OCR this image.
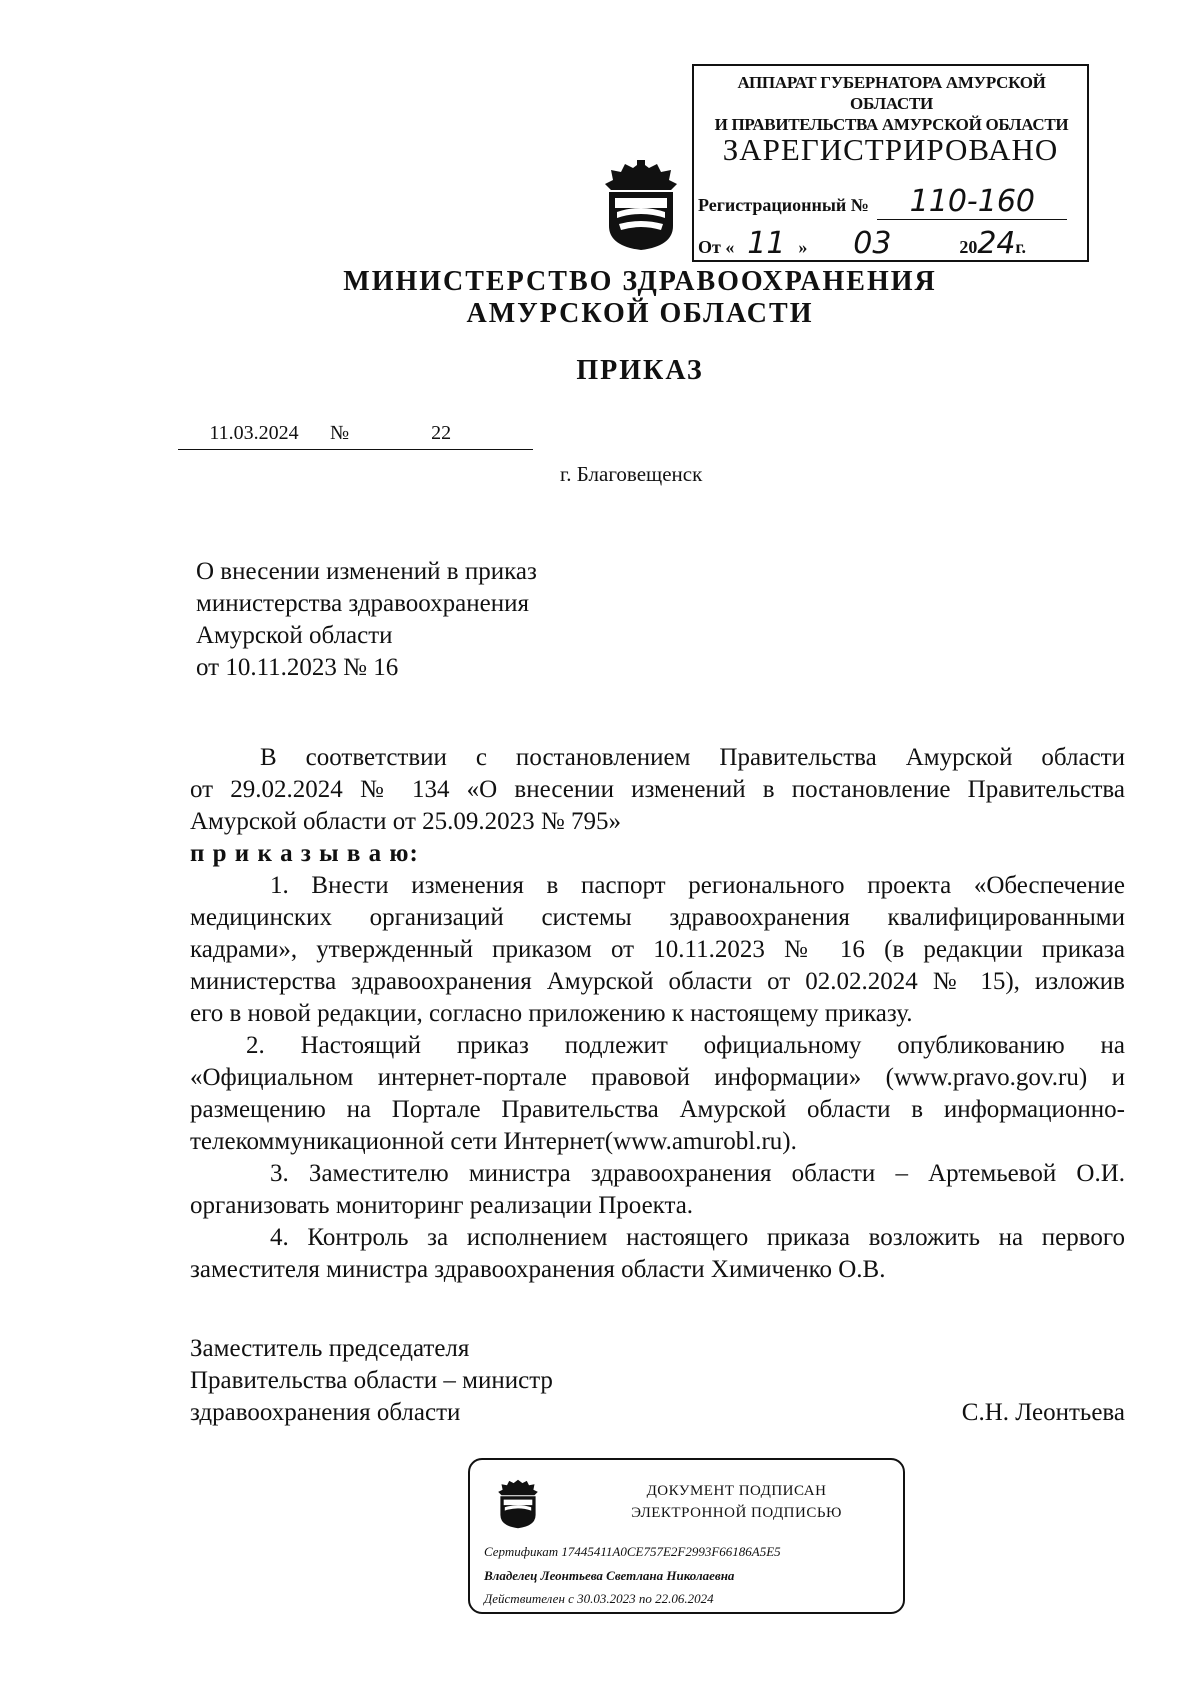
АППАРАТ ГУБЕРНАТОРА АМУРСКОЙ ОБЛАСТИ
И ПРАВИТЕЛЬСТВА АМУРСКОЙ ОБЛАСТИ
ЗАРЕГИСТРИРОВАНО
Регистрационный № 110-160
От « 11 » 03	2024г.
МИНИСТЕРСТВО ЗДРАВООХРАНЕНИЯ
АМУРСКОЙ ОБЛАСТИ
ПРИКАЗ
11.03.2024 №	22
г. Благовещенск
О внесении изменений в приказ
министерства здравоохранения
Амурской области
от 10.11.2023 № 16
В соответствии с постановлением Правительства Амурской области
от 29.02.2024 № 134 «О внесении изменений в постановление Правительства
Амурской области от 25.09.2023 № 795»
п р и к а з ы в а ю:
1. Внести изменения в паспорт регионального проекта «Обеспечение
медицинских организаций системы здравоохранения квалифицированными
кадрами», утвержденный приказом от 10.11.2023 № 16 (в редакции приказа
министерства здравоохранения Амурской области от 02.02.2024 № 15), изложив
его в новой редакции, согласно приложению к настоящему приказу.
2. Настоящий приказ подлежит официальному опубликованию на
«Официальном интернет-портале правовой информации» (www.pravo.gov.ru) и
размещению на Портале Правительства Амурской области в информационно-
телекоммуникационной сети Интернет(www.amurobl.ru).
3. Заместителю министра здравоохранения области – Артемьевой О.И.
организовать мониторинг реализации Проекта.
4. Контроль за исполнением настоящего приказа возложить на первого
заместителя министра здравоохранения области Химиченко О.В.
Заместитель председателя
Правительства области – министр
здравоохранения области	С.Н. Леонтьева
ДОКУМЕНТ ПОДПИСАН
ЭЛЕКТРОННОЙ ПОДПИСЬЮ
Сертификат 17445411A0CE757E2F2993F66186A5E5
Владелец Леонтьева Светлана Николаевна
Действителен с 30.03.2023 по 22.06.2024
